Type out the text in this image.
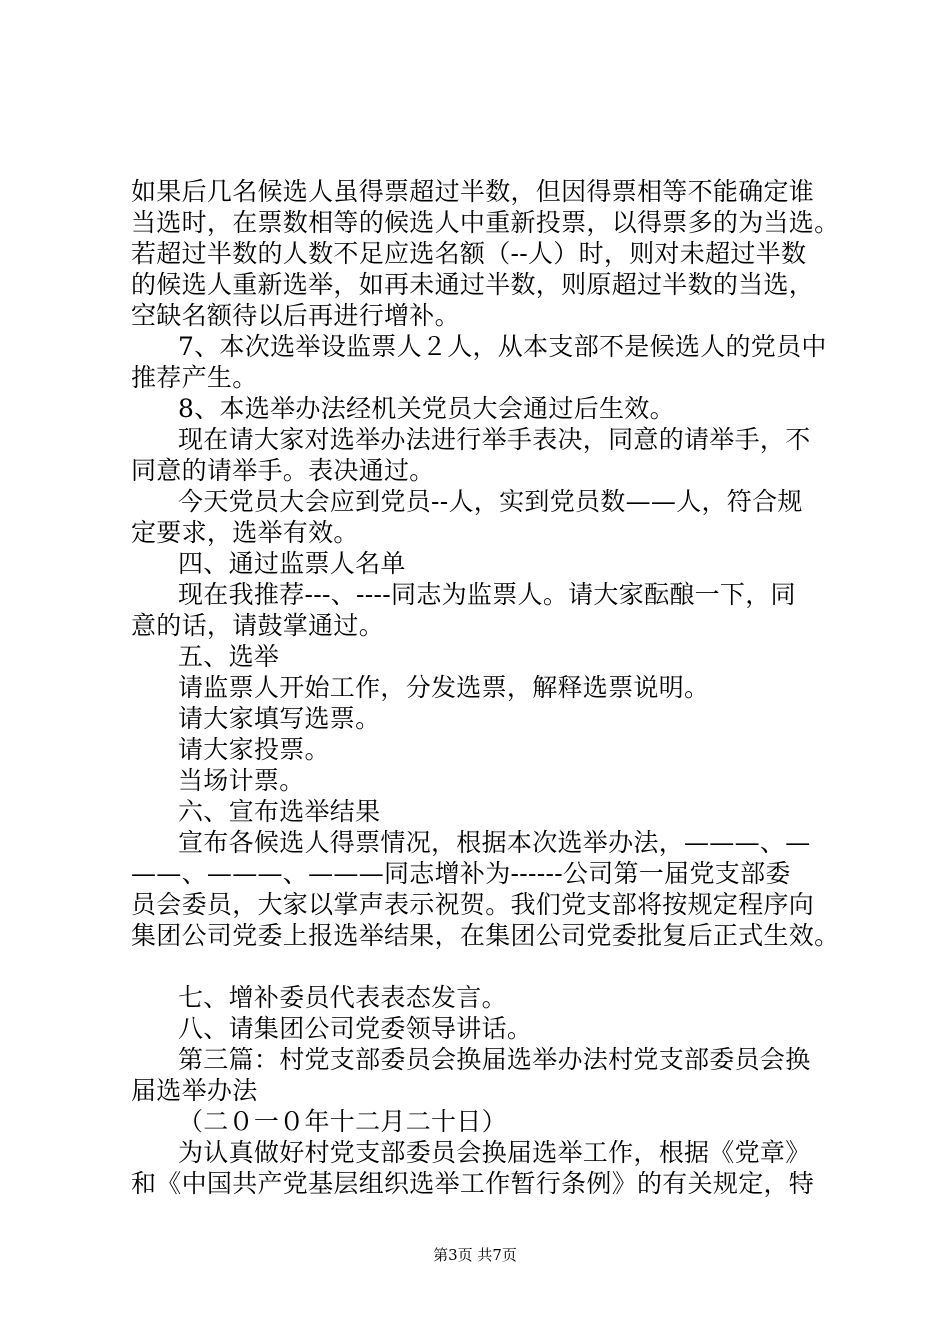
如果后几名候选人虽得票超过半数，但因得票相等不能确定谁
当选时，在票数相等的候选人中重新投票，以得票多的为当选。
若超过半数的人数不足应选名额（--人）时，则对未超过半数
的候选人重新选举，如再未通过半数，则原超过半数的当选，
空缺名额待以后再进行增补。
7、本次选举设监票人２人，从本支部不是候选人的党员中
推荐产生。
8、本选举办法经机关党员大会通过后生效。
现在请大家对选举办法进行举手表决，同意的请举手，不
同意的请举手。表决通过。
今天党员大会应到党员--人，实到党员数——人，符合规
定要求，选举有效。
四、通过监票人名单
现在我推荐---、----同志为监票人。请大家酝酿一下，同
意的话，请鼓掌通过。
五、选举
请监票人开始工作，分发选票，解释选票说明。
请大家填写选票。
请大家投票。
当场计票。
六、宣布选举结果
宣布各候选人得票情况，根据本次选举办法，———、—
——、———、———同志增补为------公司第一届党支部委
员会委员，大家以掌声表示祝贺。我们党支部将按规定程序向
集团公司党委上报选举结果，在集团公司党委批复后正式生效。
七、增补委员代表表态发言。
八、请集团公司党委领导讲话。
第三篇：村党支部委员会换届选举办法村党支部委员会换
届选举办法
（二０一０年十二月二十日）
为认真做好村党支部委员会换届选举工作，根据《党章》
和《中国共产党基层组织选举工作暂行条例》的有关规定，特
第3页 共7页
